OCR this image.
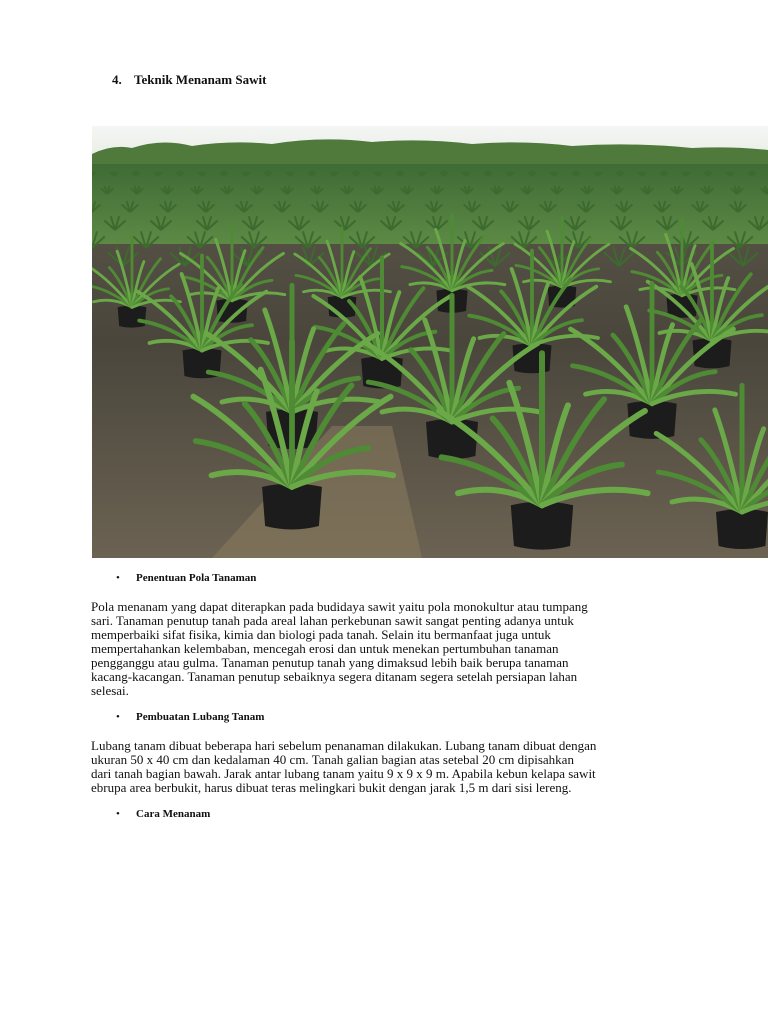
4. Teknik Menanam Sawit
• Penentuan Pola Tanaman
Pola menanam yang dapat diterapkan pada budidaya sawit yaitu pola monokultur atau tumpang
sari. Tanaman penutup tanah pada areal lahan perkebunan sawit sangat penting adanya untuk
memperbaiki sifat fisika, kimia dan biologi pada tanah. Selain itu bermanfaat juga untuk
mempertahankan kelembaban, mencegah erosi dan untuk menekan pertumbuhan tanaman
pengganggu atau gulma. Tanaman penutup tanah yang dimaksud lebih baik berupa tanaman
kacang-kacangan. Tanaman penutup sebaiknya segera ditanam segera setelah persiapan lahan
selesai.
• Pembuatan Lubang Tanam
Lubang tanam dibuat beberapa hari sebelum penanaman dilakukan. Lubang tanam dibuat dengan
ukuran 50 x 40 cm dan kedalaman 40 cm. Tanah galian bagian atas setebal 20 cm dipisahkan
dari tanah bagian bawah. Jarak antar lubang tanam yaitu 9 x 9 x 9 m. Apabila kebun kelapa sawit
ebrupa area berbukit, harus dibuat teras melingkari bukit dengan jarak 1,5 m dari sisi lereng.
• Cara Menanam
